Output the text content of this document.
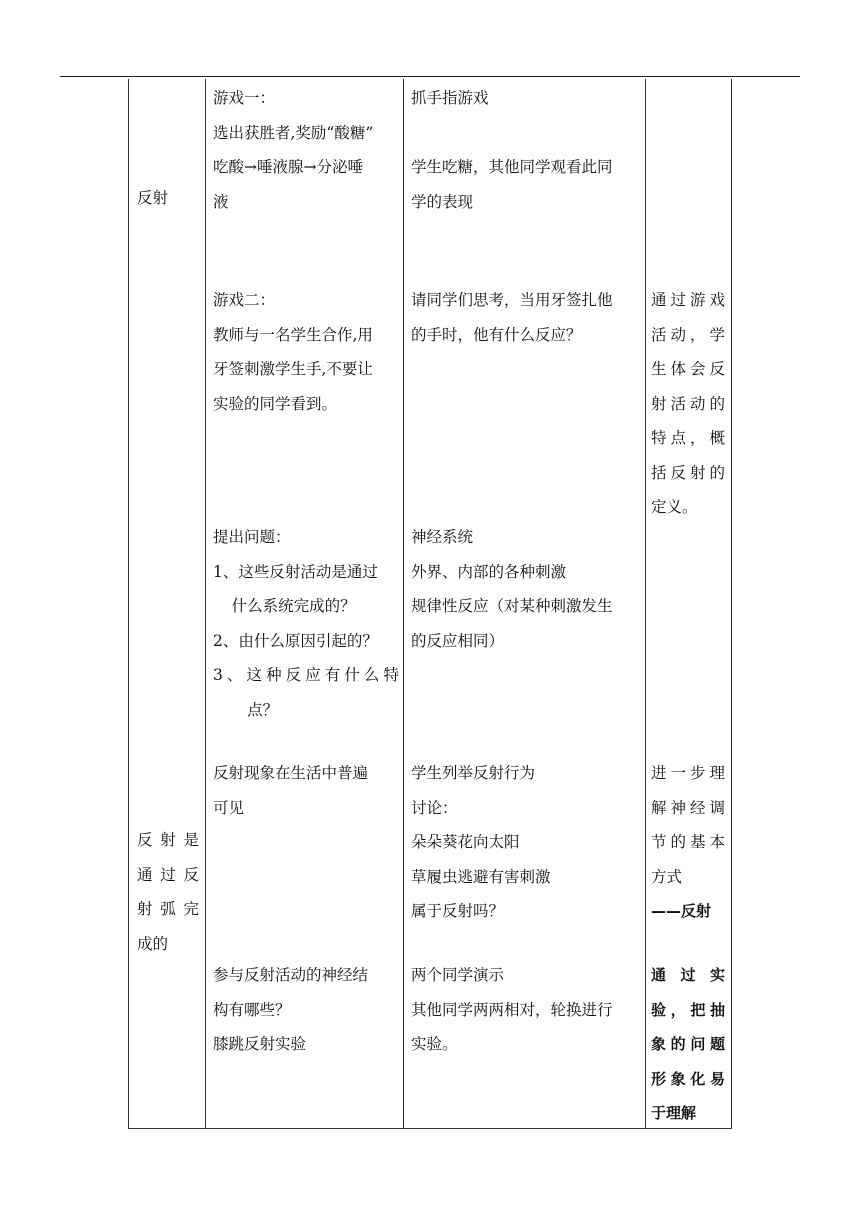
反射

反射是

通过反

射弧完

成的

游戏一：

选出获胜者,奖励“酸糖”

吃酸→唾液腺→分泌唾

液

游戏二：

教师与一名学生合作,用

牙签刺激学生手,不要让

实验的同学看到。

提出问题：

1、这些反射活动是通过

什么系统完成的？

2、由什么原因引起的？

3、这种反应有什么特

点？

反射现象在生活中普遍

可见

参与反射活动的神经结

构有哪些？

膝跳反射实验

抓手指游戏

学生吃糖，其他同学观看此同

学的表现

请同学们思考，当用牙签扎他

的手时，他有什么反应？

神经系统

外界、内部的各种刺激

规律性反应（对某种刺激发生

的反应相同）

学生列举反射行为

讨论：

朵朵葵花向太阳

草履虫逃避有害刺激

属于反射吗？

两个同学演示

其他同学两两相对，轮换进行

实验。

通过游戏

活动，学

生体会反

射活动的

特点，概

括反射的

定义。

进一步理

解神经调

节的基本

方式

——反射

通过实

验，把抽

象的问题

形象化易

于理解
